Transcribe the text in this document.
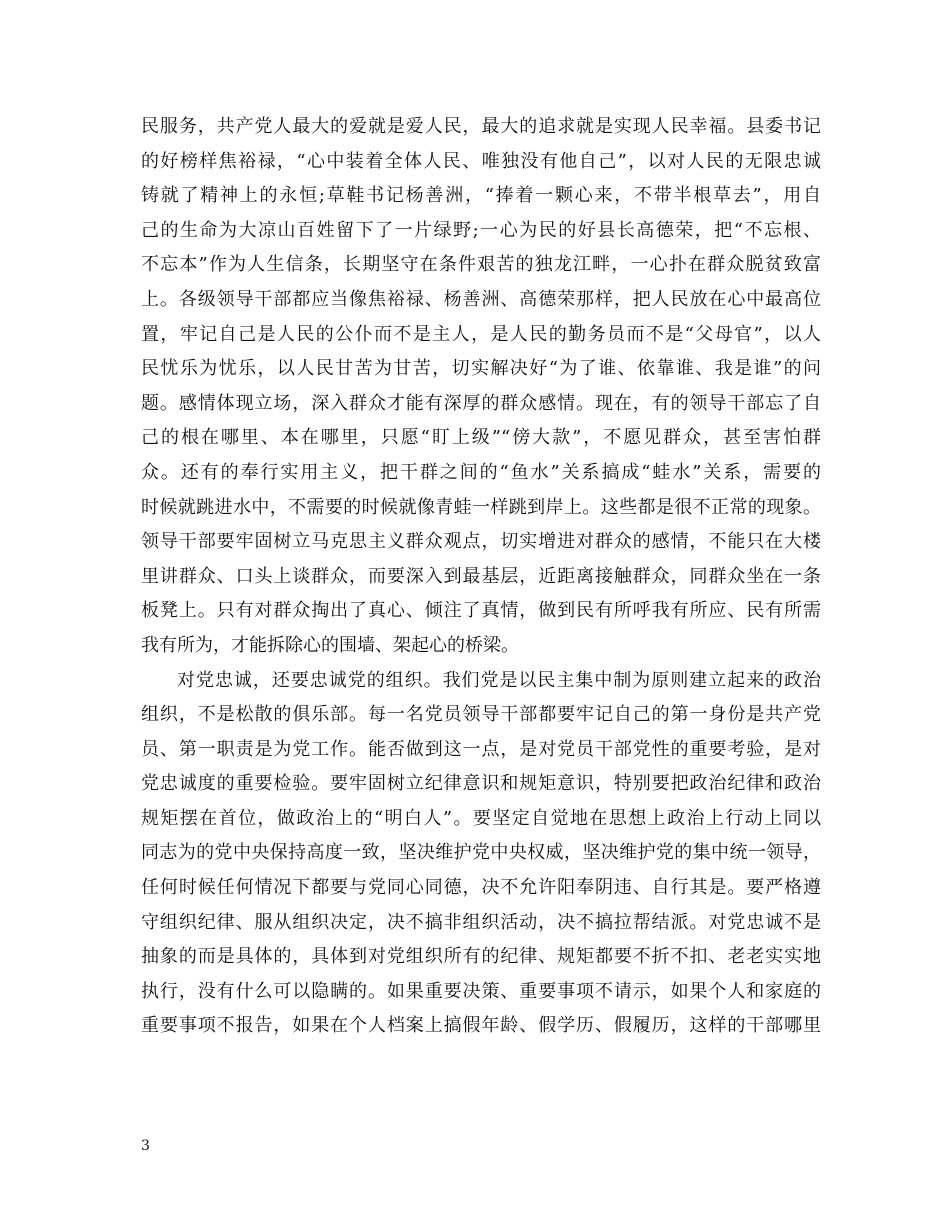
民服务，共产党人最大的爱就是爱人民，最大的追求就是实现人民幸福。县委书记
的好榜样焦裕禄，“心中装着全体人民、唯独没有他自己”，以对人民的无限忠诚
铸就了精神上的永恒;草鞋书记杨善洲，“捧着一颗心来，不带半根草去”，用自
己的生命为大凉山百姓留下了一片绿野;一心为民的好县长高德荣，把“不忘根、
不忘本”作为人生信条，长期坚守在条件艰苦的独龙江畔，一心扑在群众脱贫致富
上。各级领导干部都应当像焦裕禄、杨善洲、高德荣那样，把人民放在心中最高位
置，牢记自己是人民的公仆而不是主人，是人民的勤务员而不是“父母官”，以人
民忧乐为忧乐，以人民甘苦为甘苦，切实解决好“为了谁、依靠谁、我是谁”的问
题。感情体现立场，深入群众才能有深厚的群众感情。现在，有的领导干部忘了自
己的根在哪里、本在哪里，只愿“盯上级”“傍大款”，不愿见群众，甚至害怕群
众。还有的奉行实用主义，把干群之间的“鱼水”关系搞成“蛙水”关系，需要的
时候就跳进水中，不需要的时候就像青蛙一样跳到岸上。这些都是很不正常的现象。
领导干部要牢固树立马克思主义群众观点，切实增进对群众的感情，不能只在大楼
里讲群众、口头上谈群众，而要深入到最基层，近距离接触群众，同群众坐在一条
板凳上。只有对群众掏出了真心、倾注了真情，做到民有所呼我有所应、民有所需
我有所为，才能拆除心的围墙、架起心的桥梁。
对党忠诚，还要忠诚党的组织。我们党是以民主集中制为原则建立起来的政治
组织，不是松散的俱乐部。每一名党员领导干部都要牢记自己的第一身份是共产党
员、第一职责是为党工作。能否做到这一点，是对党员干部党性的重要考验，是对
党忠诚度的重要检验。要牢固树立纪律意识和规矩意识，特别要把政治纪律和政治
规矩摆在首位，做政治上的“明白人”。要坚定自觉地在思想上政治上行动上同以
同志为的党中央保持高度一致，坚决维护党中央权威，坚决维护党的集中统一领导，
任何时候任何情况下都要与党同心同德，决不允许阳奉阴违、自行其是。要严格遵
守组织纪律、服从组织决定，决不搞非组织活动，决不搞拉帮结派。对党忠诚不是
抽象的而是具体的，具体到对党组织所有的纪律、规矩都要不折不扣、老老实实地
执行，没有什么可以隐瞒的。如果重要决策、重要事项不请示，如果个人和家庭的
重要事项不报告，如果在个人档案上搞假年龄、假学历、假履历，这样的干部哪里
3
